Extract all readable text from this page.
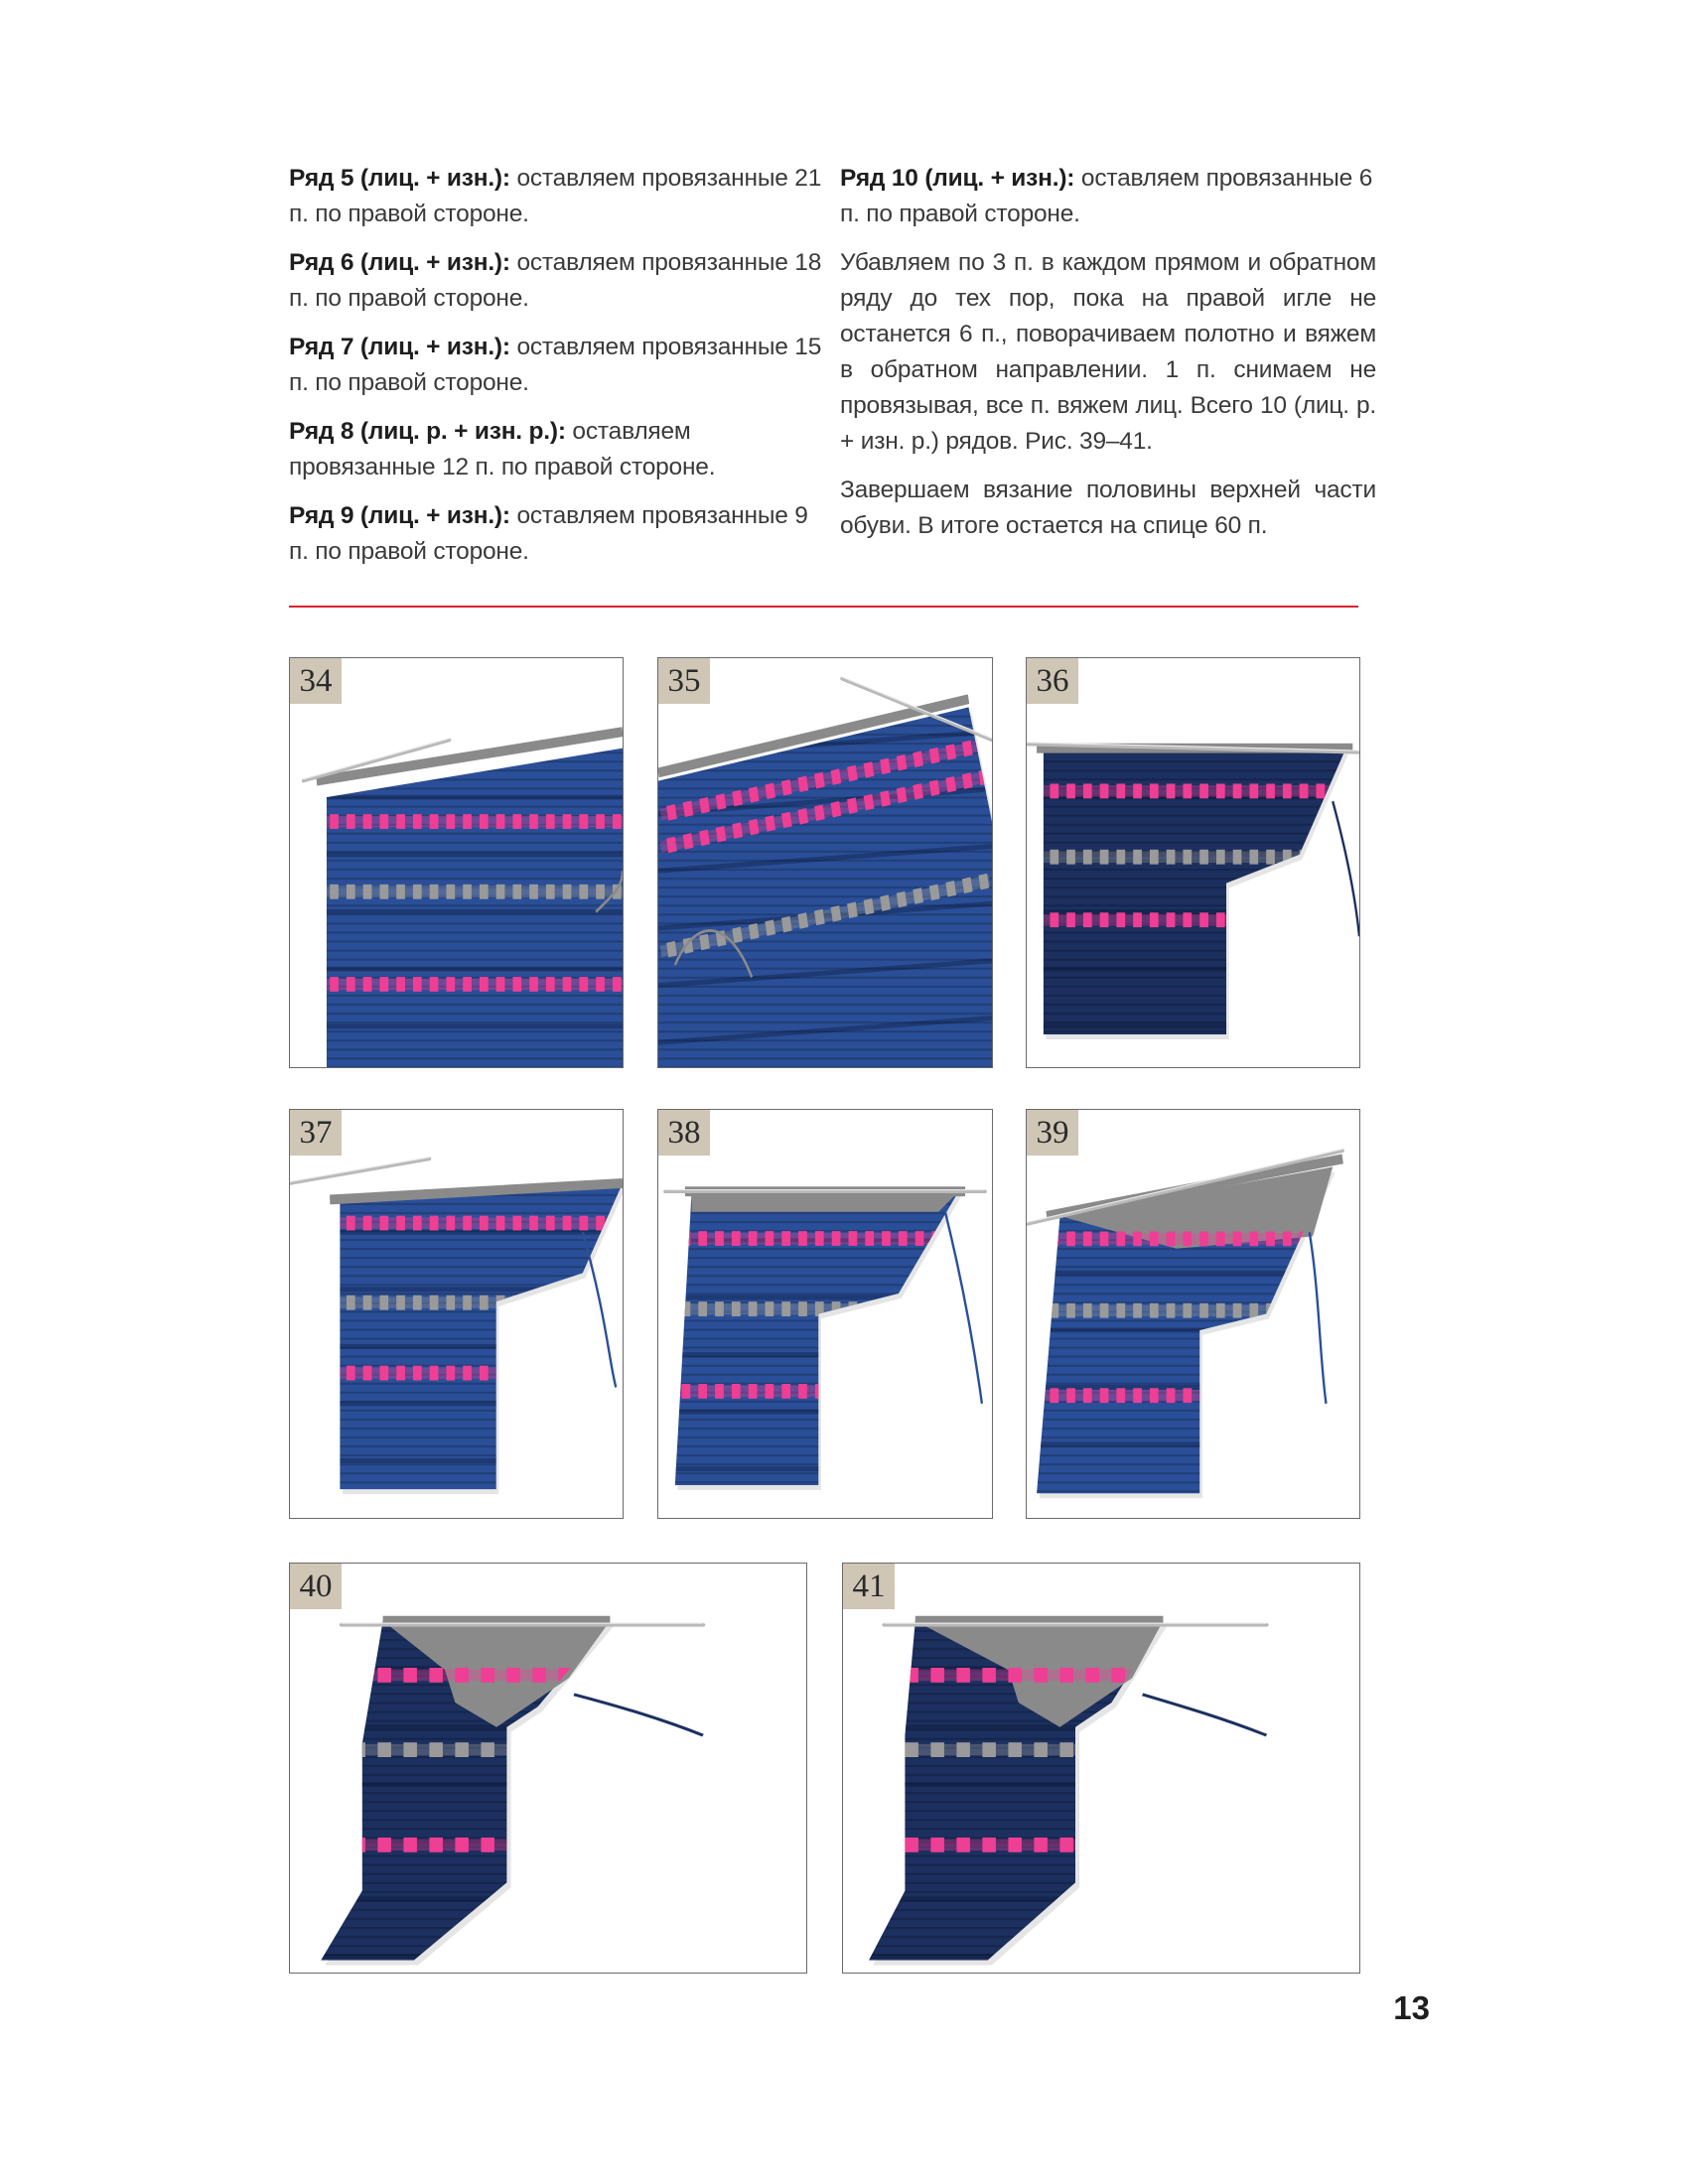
Ряд 5 (лиц. + изн.): оставляем провязанные 21 п. по правой стороне.

Ряд 6 (лиц. + изн.): оставляем провязанные 18 п. по правой стороне.

Ряд 7 (лиц. + изн.): оставляем провязанные 15 п. по правой стороне.

Ряд 8 (лиц. р. + изн. р.): оставляем провязанные 12 п. по правой стороне.

Ряд 9 (лиц. + изн.): оставляем провязанные 9 п. по правой стороне.

Ряд 10 (лиц. + изн.): оставляем провязанные 6 п. по правой стороне.

Убавляем по 3 п. в каждом прямом и обратном ряду до тех пор, пока на правой игле не останется 6 п., поворачиваем полотно и вяжем в обратном направлении. 1 п. снимаем не провязывая, все п. вяжем лиц. Всего 10 (лиц. р. + изн. р.) рядов. Рис. 39–41.

Завершаем вязание половины верхней части обуви. В итоге остается на спице 60 п.

34	35	36
37	38	39
40	41
13
